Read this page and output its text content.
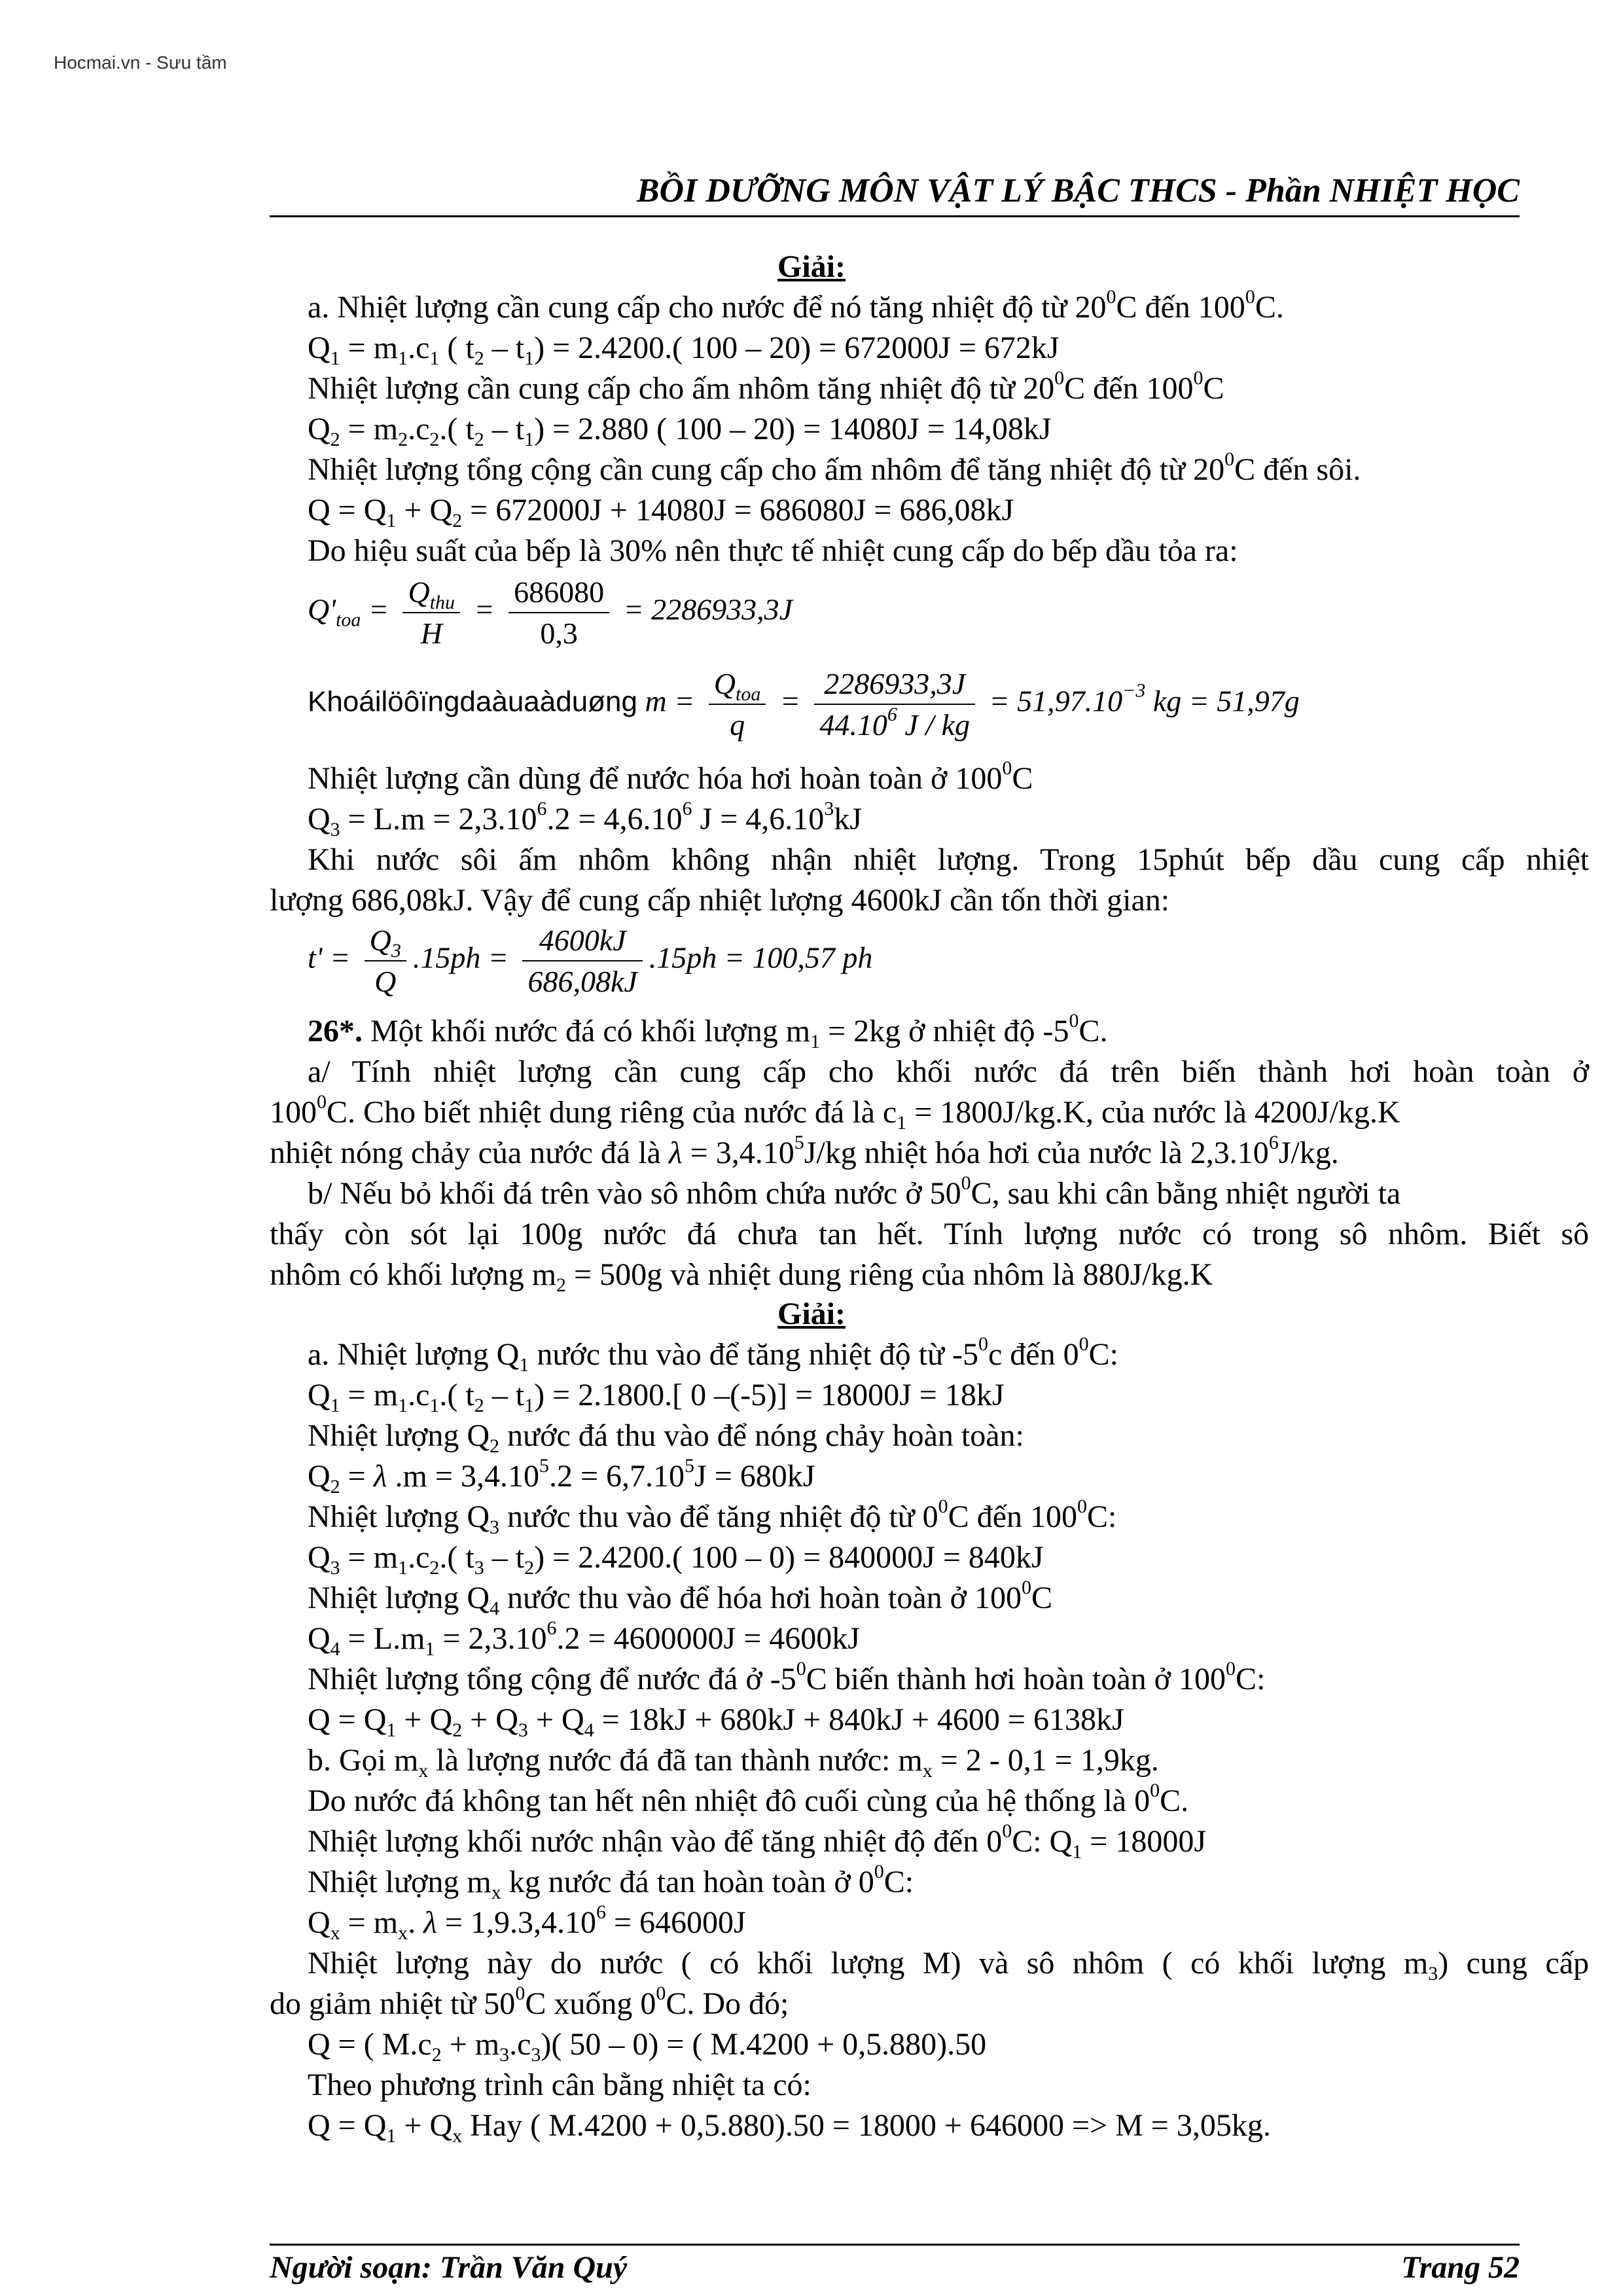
Hocmai.vn - Sưu tầm
BỒI DƯỠNG MÔN VẬT LÝ BẬC THCS - Phần NHIỆT HỌC
Giải:
a. Nhiệt lượng cần cung cấp cho nước để nó tăng nhiệt độ từ $20^0C$ đến $100^0C$.
$Q_1 = m_1.c_1$ ( $t_2 - t_1) = 2.4200$.( 100 – 20) = 672000J = 672kJ
Nhiệt lượng cần cung cấp cho ấm nhôm tăng nhiệt độ từ $20^0C$ đến $100^0C$
$Q_2 = m_2.c_2$.( $t_2 - t_1) = 2.880$ ( 100 – 20) = 14080J = 14,08kJ
Nhiệt lượng tổng cộng cần cung cấp cho ấm nhôm để tăng nhiệt độ từ $20^0C$ đến sôi.
$Q = Q_1 + Q_2 = 672000J + 14080J = 686080J = 686,08kJ$
Do hiệu suất của bếp là 30% nên thực tế nhiệt cung cấp do bếp dầu tỏa ra:
$Q'_{toa} = \frac{Q_{thu}}{H} = \frac{686080}{0,3} = 2286933,3J$
Khoáilöôïngdaàuaàduøng $m = \frac{Q_{toa}}{q} = \frac{2286933,3J}{44.10^6 J / kg} = 51,97.10^{-3}$ kg = 51,97g
Nhiệt lượng cần dùng để nước hóa hơi hoàn toàn ở $100^0C$
$Q_3 = L.m = 2,3.10^6.2 = 4,6.10^6$ $J = 4,6.10^3kJ$
Khi nước sôi ấm nhôm không nhận nhiệt lượng. Trong 15phút bếp dầu cung cấp nhiệt
lượng 686,08kJ. Vậy để cung cấp nhiệt lượng 4600kJ cần tốn thời gian:
$t' = \frac{Q_3}{Q} .15ph = \frac{4600kJ}{686,08kJ} .15ph = 100,57$ ph
26*. Một khối nước đá có khối lượng $m_1 = 2kg$ ở nhiệt độ $-5^0C$.
a/ Tính nhiệt lượng cần cung cấp cho khối nước đá trên biến thành hơi hoàn toàn ở
$100^0C$. Cho biết nhiệt dung riêng của nước đá là $c_1 = 1800J/kg.K$, của nước là 4200J/kg.K
nhiệt nóng chảy của nước đá là $\lambda = 3,4.10^5J/kg$ nhiệt hóa hơi của nước là 2,3.10$^6$J/kg.
b/ Nếu bỏ khối đá trên vào sô nhôm chứa nước ở $50^0C$, sau khi cân bằng nhiệt người ta
thấy còn sót lại 100g nước đá chưa tan hết. Tính lượng nước có trong sô nhôm. Biết sô
nhôm có khối lượng $m_2 = 500g$ và nhiệt dung riêng của nhôm là 880J/kg.K
Giải:
a. Nhiệt lượng $Q_1$ nước thu vào để tăng nhiệt độ từ $-5^0c$ đến $0^0C$:
$Q_1 = m_1.c_1$.( $t_2 - t_1) = 2.1800$.[ 0 –(-5)] = 18000J = 18kJ
Nhiệt lượng $Q_2$ nước đá thu vào để nóng chảy hoàn toàn:
$Q_2 = \lambda$ $.m = 3,4.10^5.2 = 6,7.10^5J = 680kJ$
Nhiệt lượng $Q_3$ nước thu vào để tăng nhiệt độ từ $0^0C$ đến $100^0C$:
$Q_3 = m_1.c_2$.( $t_3 - t_2) = 2.4200$.( 100 – 0) = 840000J = 840kJ
Nhiệt lượng $Q_4$ nước thu vào để hóa hơi hoàn toàn ở $100^0C$
$Q_4 = L.m_1 = 2,3.10^6.2 = 4600000J = 4600kJ$
Nhiệt lượng tổng cộng để nước đá ở $-5^0C$ biến thành hơi hoàn toàn ở $100^0C$:
$Q = Q_1 + Q_2 + Q_3 + Q_4 = 18kJ + 680kJ + 840kJ + 4600 = 6138kJ$
b. Gọi $m_x$ là lượng nước đá đã tan thành nước: $m_x = 2 - 0,1 = 1,9kg$.
Do nước đá không tan hết nên nhiệt đô cuối cùng của hệ thống là $0^0C$.
Nhiệt lượng khối nước nhận vào để tăng nhiệt độ đến $0^0C$: $Q_1 = 18000J$
Nhiệt lượng $m_x$ kg nước đá tan hoàn toàn ở $0^0C$:
$Q_x = m_x$. $\lambda = 1,9.3,4.10^6 = 646000J$
Nhiệt lượng này do nước ( có khối lượng M) và sô nhôm ( có khối lượng $m_3$) cung cấp
do giảm nhiệt từ $50^0C$ xuống $0^0C$. Do đó;
Q = ( $M.c_2 + m_3.c_3$)( 50 – 0) = ( M.4200 + 0,5.880).50
Theo phương trình cân bằng nhiệt ta có:
$Q = Q_1 + Q_x$ Hay ( M.4200 + 0,5.880).50 = 18000 + 646000 => M = 3,05kg.
Người soạn: Trần Văn Quý	Trang 52
